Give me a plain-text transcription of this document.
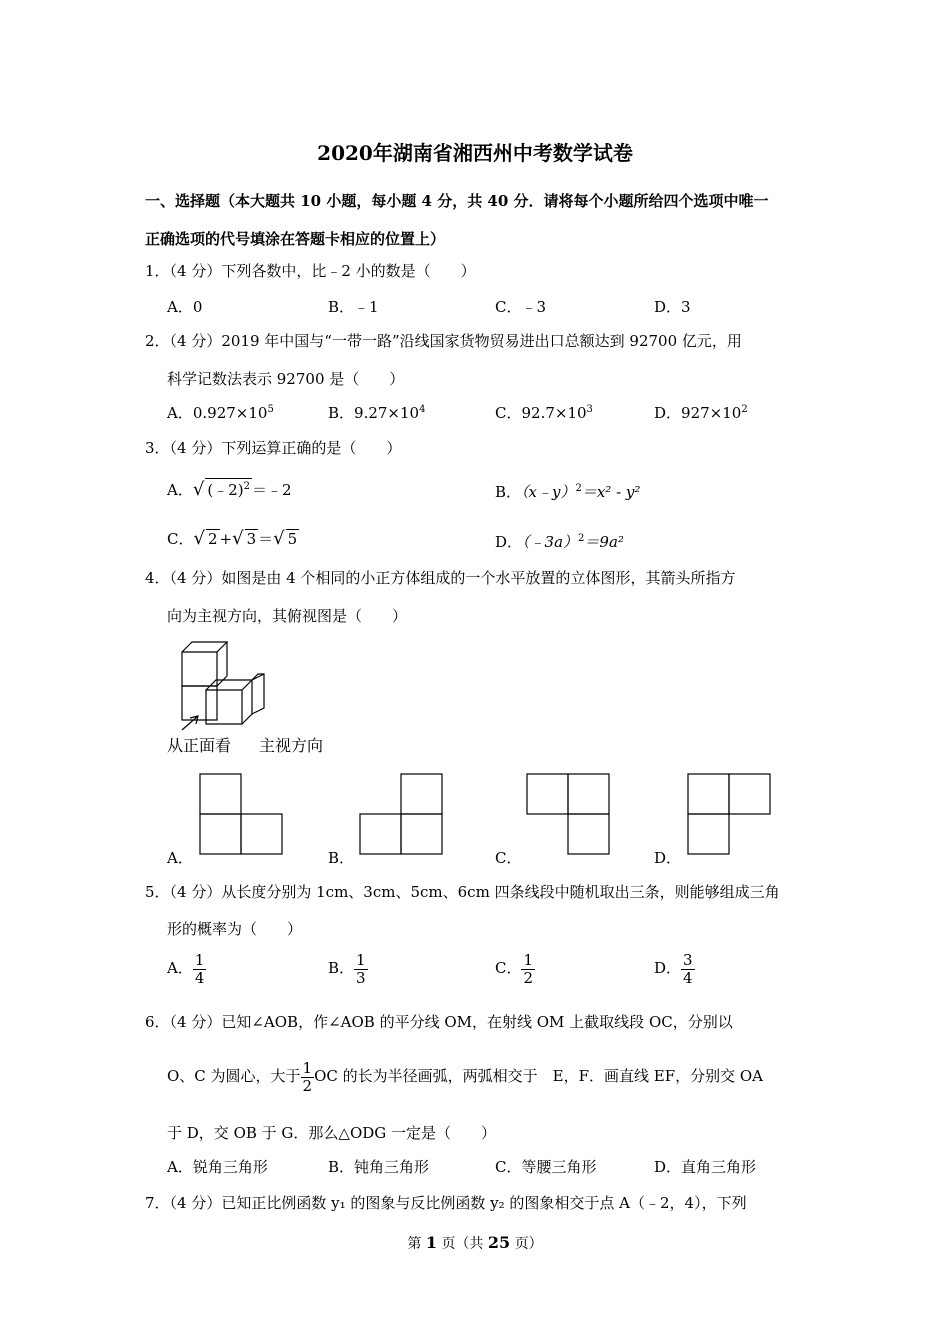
2020年湖南省湘西州中考数学试卷
一、选择题（本大题共 10 小题，每小题 4 分，共 40 分．请将每个小题所给四个选项中唯一
正确选项的代号填涂在答题卡相应的位置上）
1．（4 分）下列各数中，比﹣2 小的数是（　　）
A．0	B．﹣1	C．﹣3	D．3
2．（4 分）2019 年中国与“一带一路”沿线国家货物贸易进出口总额达到 92700 亿元，用
科学记数法表示 92700 是（　　）
A．$0.927\times 10^5$	B．$9.27\times 10^4$	C．$92.7\times 10^3$	D．$927\times 10^2$
3．（4 分）下列运算正确的是（　　）
A．√ (﹣2)$^2$ ＝﹣2	B．（x﹣y）$^2$＝x² - y²
C．√ 2 +√ 3 ＝√ 5	D．（﹣3a）$^2$＝9a²
4．（4 分）如图是由 4 个相同的小正方体组成的一个水平放置的立体图形，其箭头所指方
向为主视方向，其俯视图是（　　）
从正面看 主视方向
A．	B．	C．	D．
5．（4 分）从长度分别为 1cm、3cm、5cm、6cm 四条线段中随机取出三条，则能够组成三角
形的概率为（　　）
A． $\frac{1}{4}$	B． $\frac{1}{3}$	C． $\frac{1}{2}$	D． $\frac{3}{4}$
6．（4 分）已知∠AOB，作∠AOB 的平分线 OM，在射线 OM 上截取线段 OC，分别以
O、C 为圆心，大于 $\frac{1}{2}$ OC 的长为半径画弧，两弧相交于　E，F．画直线 EF，分别交 OA
于 D，交 OB 于 G．那么△ODG 一定是（　　）
A．锐角三角形	B．钝角三角形	C．等腰三角形	D．直角三角形
7．（4 分）已知正比例函数 y₁ 的图象与反比例函数 y₂ 的图象相交于点 A（﹣2，4），下列
第 1 页（共 25 页）
